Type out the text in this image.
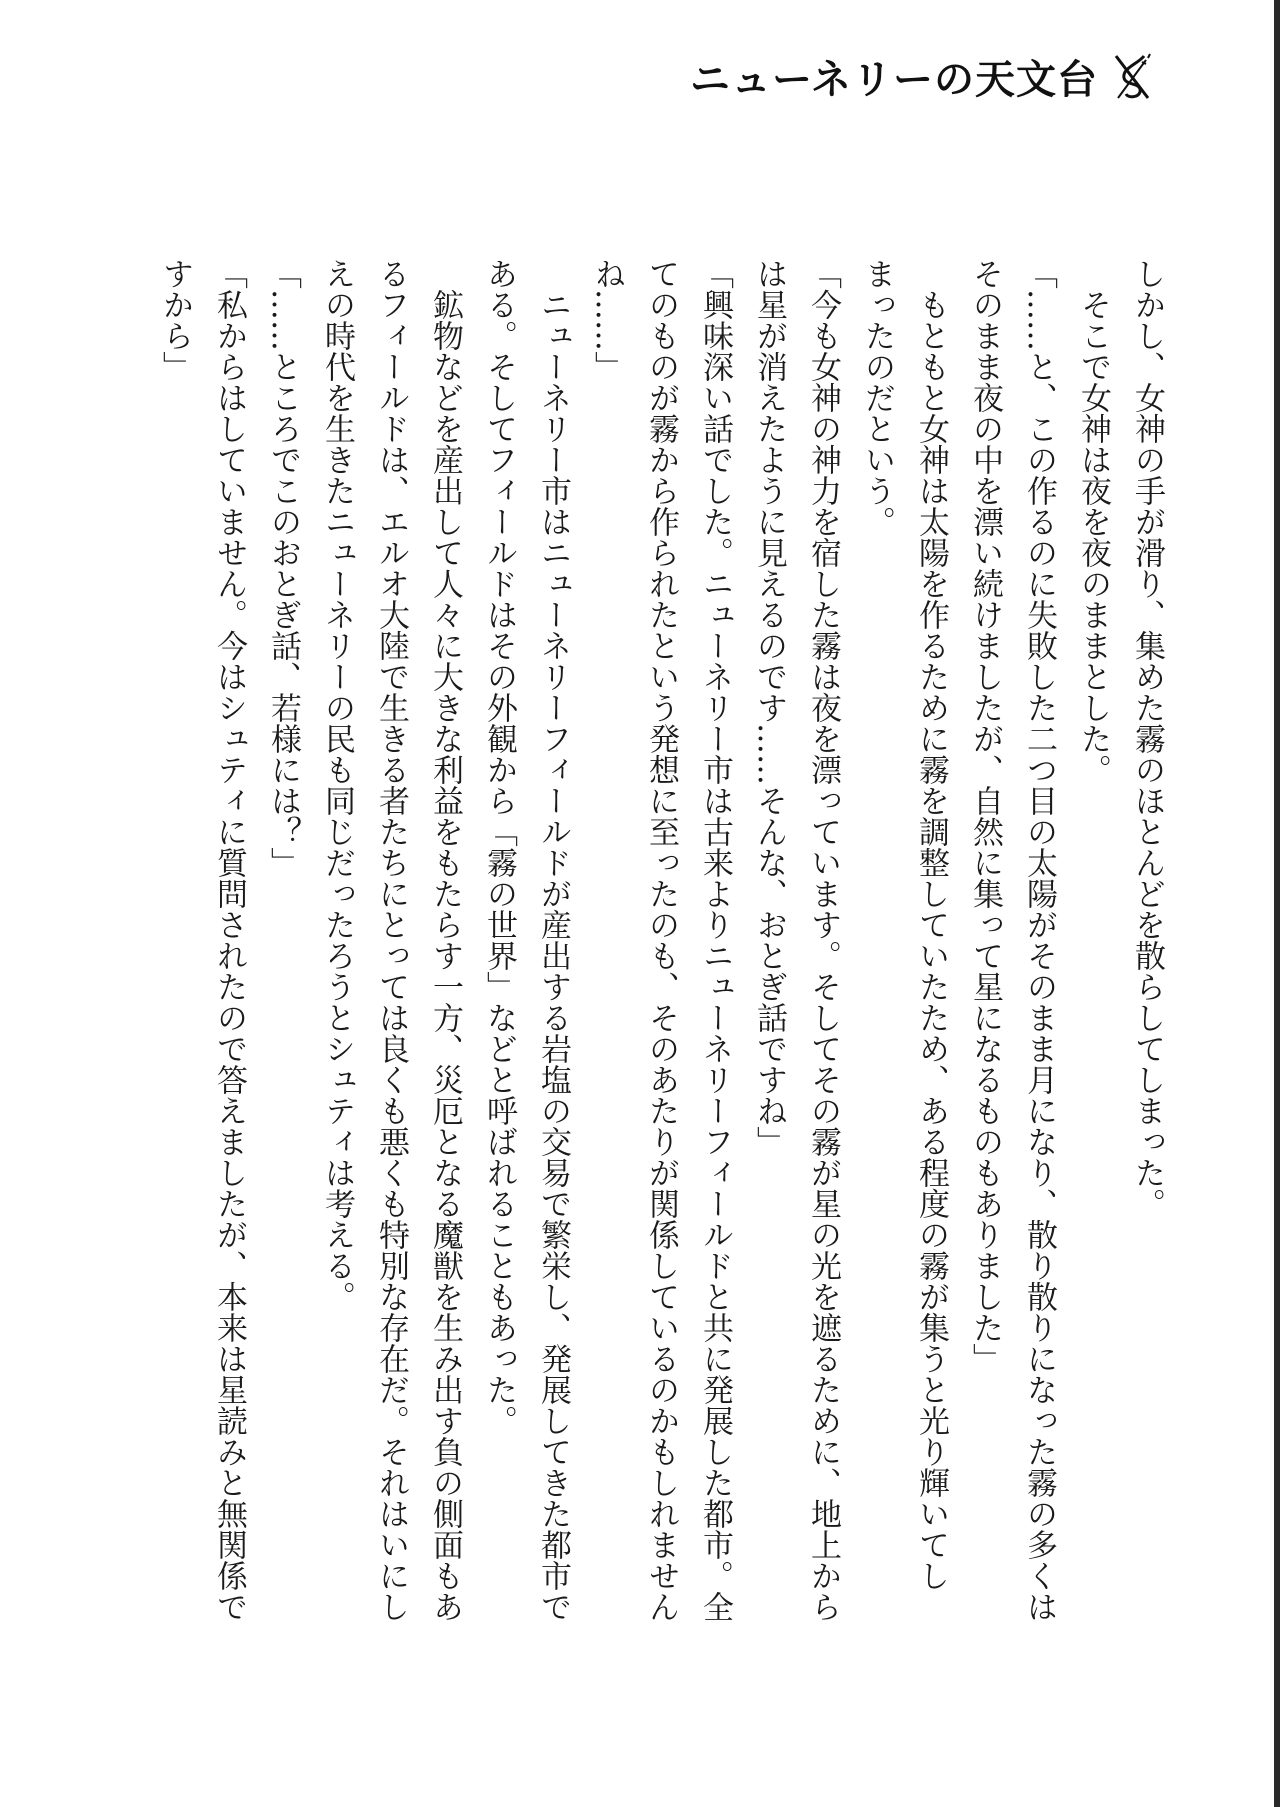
ニューネリーの天文台
しかし、女神の手が滑り、集めた霧のほとんどを散らしてしまった。
　そこで女神は夜を夜のままとした。
「……と、この作るのに失敗した二つ目の太陽がそのまま月になり、散り散りになった霧の多くは
そのまま夜の中を漂い続けましたが、自然に集って星になるものもありました」
　もともと女神は太陽を作るために霧を調整していたため、ある程度の霧が集うと光り輝いてし
まったのだという。
「今も女神の神力を宿した霧は夜を漂っています。そしてその霧が星の光を遮るために、地上から
は星が消えたように見えるのです……そんな、おとぎ話ですね」
「興味深い話でした。ニューネリー市は古来よりニューネリーフィールドと共に発展した都市。全
てのものが霧から作られたという発想に至ったのも、そのあたりが関係しているのかもしれません
ね……」
　ニューネリー市はニューネリーフィールドが産出する岩塩の交易で繁栄し、発展してきた都市で
ある。そしてフィールドはその外観から「霧の世界」などと呼ばれることもあった。
　鉱物などを産出して人々に大きな利益をもたらす一方、災厄となる魔獣を生み出す負の側面もあ
るフィールドは、エルオ大陸で生きる者たちにとっては良くも悪くも特別な存在だ。それはいにし
えの時代を生きたニューネリーの民も同じだったろうとシュティは考える。
「……ところでこのおとぎ話、若様には？」
「私からはしていません。今はシュティに質問されたので答えましたが、本来は星読みと無関係で
すから」
